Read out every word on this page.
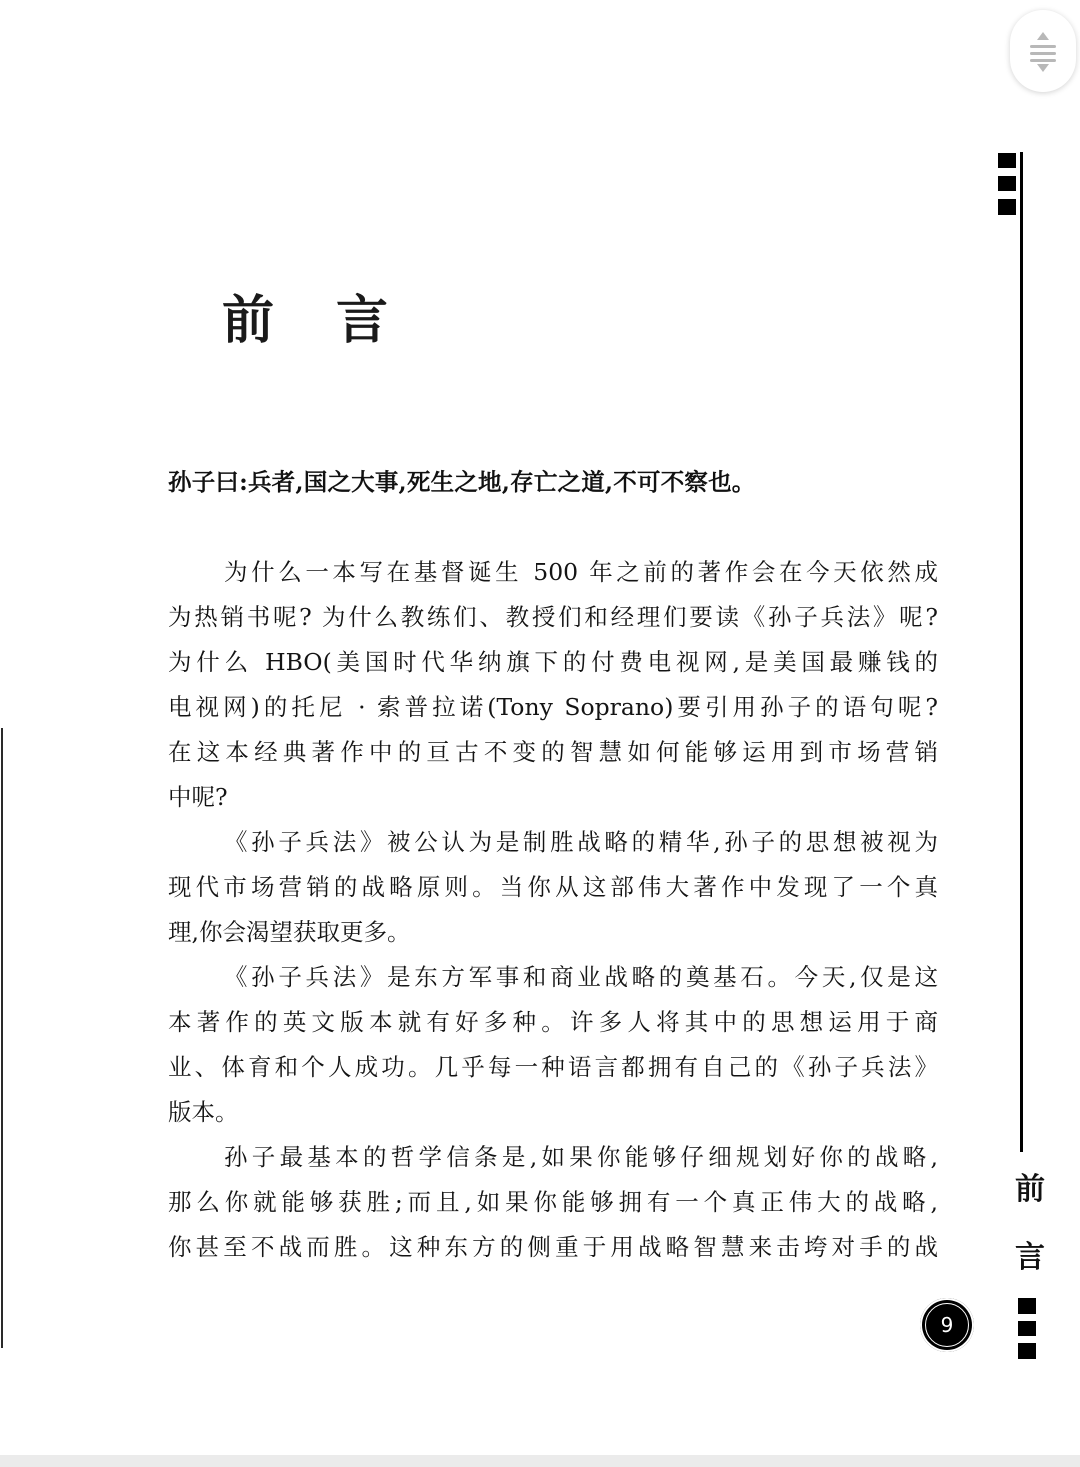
前
言
9
前 言
孙子曰:兵者,国之大事,死生之地,存亡之道,不可不察也。
为什么一本写在基督诞生 500 年之前的著作会在今天依然成
为热销书呢? 为什么教练们、教授们和经理们要读《孙子兵法》呢?
为什么 HBO(美国时代华纳旗下的付费电视网,是美国最赚钱的
电视网)的托尼 · 索普拉诺(Tony Soprano)要引用孙子的语句呢?
在这本经典著作中的亘古不变的智慧如何能够运用到市场营销
中呢?
《孙子兵法》被公认为是制胜战略的精华,孙子的思想被视为
现代市场营销的战略原则。当你从这部伟大著作中发现了一个真
理,你会渴望获取更多。
《孙子兵法》是东方军事和商业战略的奠基石。今天,仅是这
本著作的英文版本就有好多种。许多人将其中的思想运用于商
业、体育和个人成功。几乎每一种语言都拥有自己的《孙子兵法》
版本。
孙子最基本的哲学信条是,如果你能够仔细规划好你的战略,
那么你就能够获胜;而且,如果你能够拥有一个真正伟大的战略,
你甚至不战而胜。这种东方的侧重于用战略智慧来击垮对手的战
